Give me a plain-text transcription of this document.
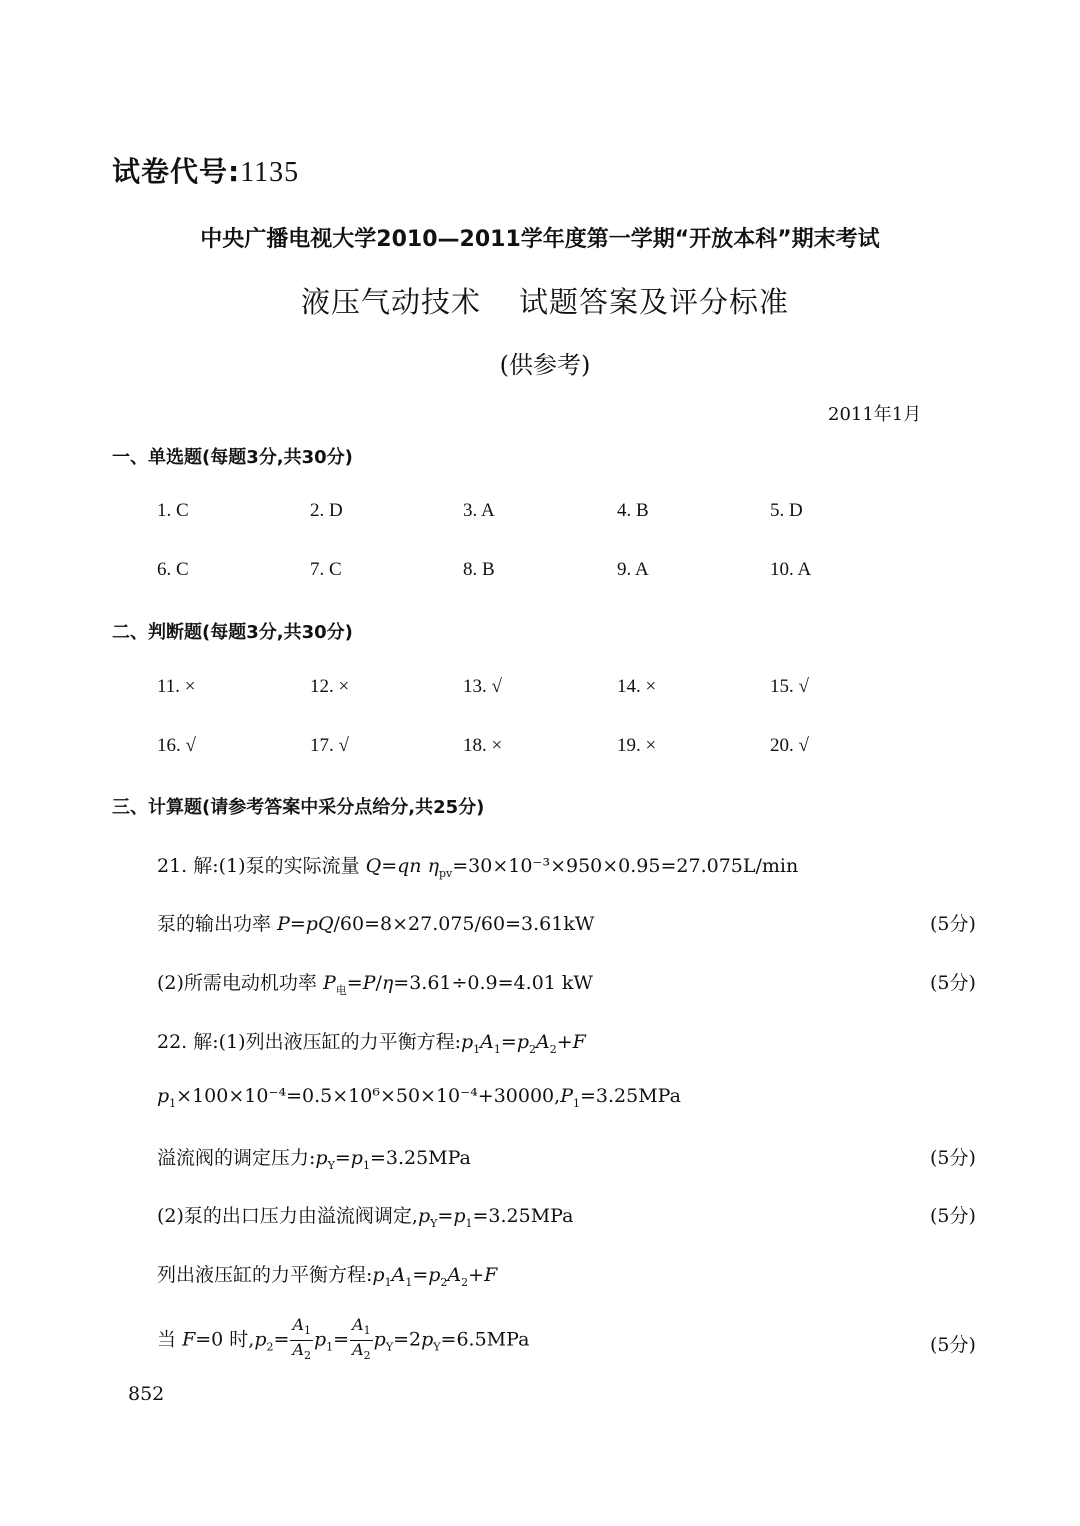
试卷代号:1135
中央广播电视大学2010—2011学年度第一学期“开放本科”期末考试
液压气动技术 试题答案及评分标准
(供参考)
2011年1月
一、单选题(每题3分,共30分)
1. C	2. D	3. A	4. B	5. D
6. C	7. C	8. B	9. A	10. A
二、判断题(每题3分,共30分)
11. ×	12. ×	13. √	14. ×	15. √
16. √	17. √	18. ×	19. ×	20. √
三、计算题(请参考答案中采分点给分,共25分)
21. 解:(1)泵的实际流量 Q=qn $\eta_{pv}=30\times 10^{-3}\times 950\times 0.95=27.075L/\min$
泵的输出功率 P=pQ/60=8×27.075/60=3.61kW	(5分)
(2)所需电动机功率 $P_电=P/\eta=3.61\div 0.9=4.01$ kW	(5分)
22. 解:(1)列出液压缸的力平衡方程$:p_1A_1=p_2A_2+F$
$p_1\times 100\times 10^{-4}=0.5\times 10^6\times 50\times 10^{-4}+30000,P_1=3.25MPa$
溢流阀的调定压力$:p_Y=p_1=3.25MPa$	(5分)
(2)泵的出口压力由溢流阀调定$,p_Y=p_1=3.25MPa$	(5分)
列出液压缸的力平衡方程$:p_1A_1=p_2A_2+F$
当 F=0 时$,p_2= \frac{A_1}{A_2} p_1= \frac{A_1}{A_2} p_Y=2p_Y=6.5MPa$	(5分)
852
